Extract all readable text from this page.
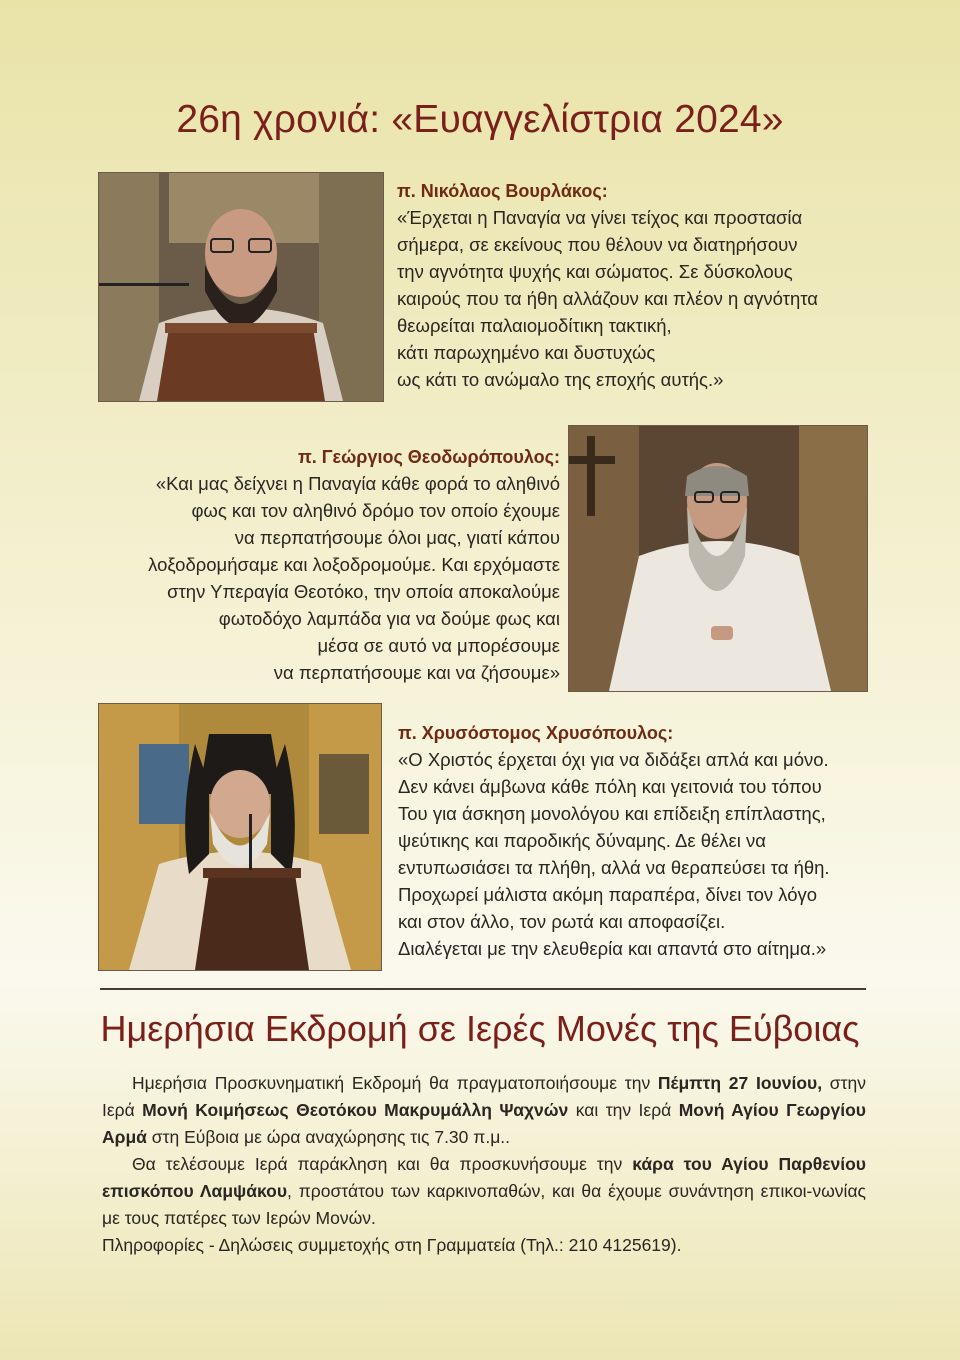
26η χρονιά: «Ευαγγελίστρια 2024»
π. Νικόλαος Βουρλάκος:
«Έρχεται η Παναγία να γίνει τείχος και προστασία
σήμερα, σε εκείνους που θέλουν να διατηρήσουν
την αγνότητα ψυχής και σώματος. Σε δύσκολους
καιρούς που τα ήθη αλλάζουν και πλέον η αγνότητα
θεωρείται παλαιομοδίτικη τακτική,
κάτι παρωχημένο και δυστυχώς
ως κάτι το ανώμαλο της εποχής αυτής.»
π. Γεώργιος Θεοδωρόπουλος:
«Και μας δείχνει η Παναγία κάθε φορά το αληθινό
φως και τον αληθινό δρόμο τον οποίο έχουμε
να περπατήσουμε όλοι μας, γιατί κάπου
λοξοδρομήσαμε και λοξοδρομούμε. Και ερχόμαστε
στην Υπεραγία Θεοτόκο, την οποία αποκαλούμε
φωτοδόχο λαμπάδα για να δούμε φως και
μέσα σε αυτό να μπορέσουμε
να περπατήσουμε και να ζήσουμε»
π. Χρυσόστομος Χρυσόπουλος:
«Ο Χριστός έρχεται όχι για να διδάξει απλά και μόνο.
Δεν κάνει άμβωνα κάθε πόλη και γειτονιά του τόπου
Του για άσκηση μονολόγου και επίδειξη επίπλαστης,
ψεύτικης και παροδικής δύναμης. Δε θέλει να
εντυπωσιάσει τα πλήθη, αλλά να θεραπεύσει τα ήθη.
Προχωρεί μάλιστα ακόμη παραπέρα, δίνει τον λόγο
και στον άλλο, τον ρωτά και αποφασίζει.
Διαλέγεται με την ελευθερία και απαντά στο αίτημα.»
Ημερήσια Εκδρομή σε Ιερές Μονές της Εύβοιας

Ημερήσια Προσκυνηματική Εκδρομή θα πραγματοποιήσουμε την Πέμπτη 27 Ιουνίου, στην Ιερά Μονή Κοιμήσεως Θεοτόκου Μακρυμάλλη Ψαχνών και την Ιερά Μονή Αγίου Γεωργίου Αρμά στη Εύβοια με ώρα αναχώρησης τις 7.30 π.μ..

Θα τελέσουμε Ιερά παράκληση και θα προσκυνήσουμε την κάρα του Αγίου Παρθενίου επισκόπου Λαμψάκου, προστάτου των καρκινοπαθών, και θα έχουμε συνάντηση επικοι-νωνίας με τους πατέρες των Ιερών Μονών.

Πληροφορίες - Δηλώσεις συμμετοχής στη Γραμματεία (Τηλ.: 210 4125619).
